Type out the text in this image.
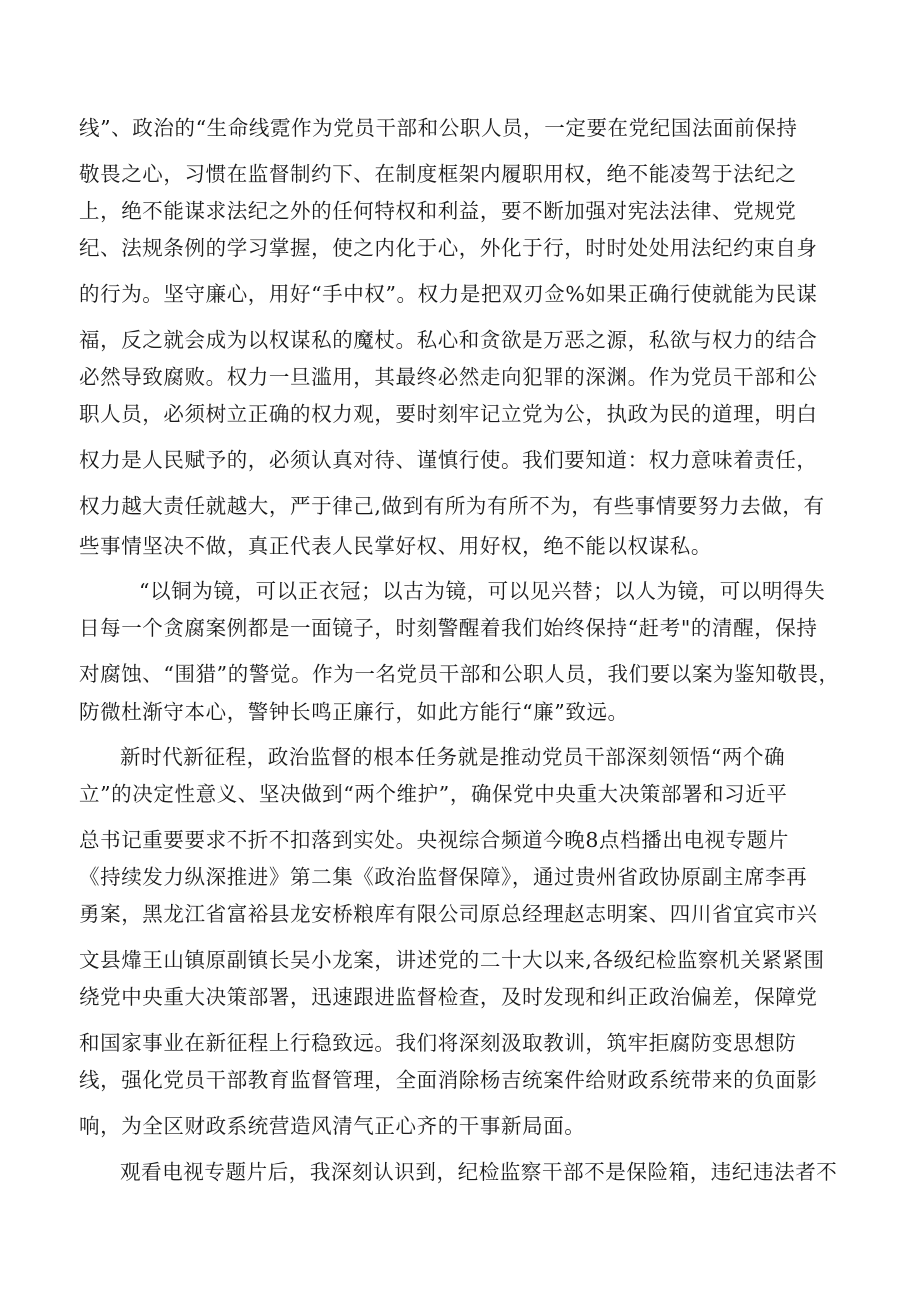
线”、政治的“生命线霓作为党员干部和公职人员，一定要在党纪国法面前保持
敬畏之心，习惯在监督制约下、在制度框架内履职用权，绝不能凌驾于法纪之
上，绝不能谋求法纪之外的任何特权和利益，要不断加强对宪法法律、党规党
纪、法规条例的学习掌握，使之内化于心，外化于行，时时处处用法纪约束自身
的行为。坚守廉心，用好“手中权”。权力是把双刃佥%如果正确行使就能为民谋
福，反之就会成为以权谋私的魔杖。私心和贪欲是万恶之源，私欲与权力的结合
必然导致腐败。权力一旦滥用，其最终必然走向犯罪的深渊。作为党员干部和公
职人员，必须树立正确的权力观，要时刻牢记立党为公，执政为民的道理，明白
权力是人民赋予的，必须认真对待、谨慎行使。我们要知道：权力意味着责任，
权力越大责任就越大，严于律己,做到有所为有所不为，有些事情要努力去做，有
些事情坚决不做，真正代表人民掌好权、用好权，绝不能以权谋私。
“以铜为镜，可以正衣冠；以古为镜，可以见兴替；以人为镜，可以明得失
日每一个贪腐案例都是一面镜子，时刻警醒着我们始终保持“赶考"的清醒，保持
对腐蚀、“围猎”的警觉。作为一名党员干部和公职人员，我们要以案为鉴知敬畏，
防微杜渐守本心，警钟长鸣正廉行，如此方能行“廉”致远。
新时代新征程，政治监督的根本任务就是推动党员干部深刻领悟“两个确
立”的决定性意义、坚决做到“两个维护”，确保党中央重大决策部署和习近平
总书记重要要求不折不扣落到实处。央视综合频道今晚8点档播出电视专题片
《持续发力纵深推进》第二集《政治监督保障》，通过贵州省政协原副主席李再
勇案，黑龙江省富裕县龙安桥粮库有限公司原总经理赵志明案、四川省宜宾市兴
文县㸆王山镇原副镇长吴小龙案，讲述党的二十大以来,各级纪检监察机关紧紧围
绕党中央重大决策部署，迅速跟进监督检查，及时发现和纠正政治偏差，保障党
和国家事业在新征程上行稳致远。我们将深刻汲取教训，筑牢拒腐防变思想防
线，强化党员干部教育监督管理，全面消除杨吉统案件给财政系统带来的负面影
响，为全区财政系统营造风清气正心齐的干事新局面。
观看电视专题片后，我深刻认识到，纪检监察干部不是保险箱，违纪违法者不
